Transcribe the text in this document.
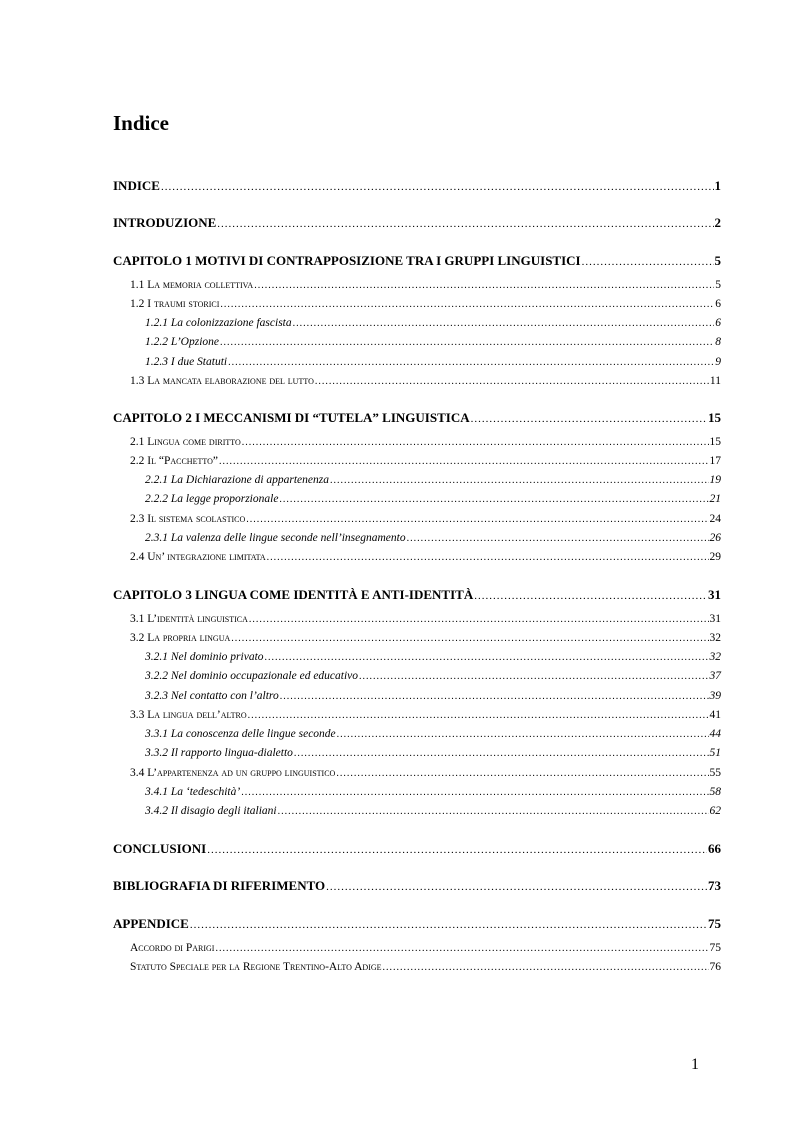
Indice
INDICE .....	1
INTRODUZIONE .....	2
CAPITOLO 1 MOTIVI DI CONTRAPPOSIZIONE TRA I GRUPPI LINGUISTICI .....	5
1.1 La memoria collettiva .....	5
1.2 I traumi storici .....	6
1.2.1 La colonizzazione fascista .....	6
1.2.2 L’Opzione .....	8
1.2.3 I due Statuti .....	9
1.3 La mancata elaborazione del lutto .....	11
CAPITOLO 2 I MECCANISMI DI “TUTELA” LINGUISTICA .....	15
2.1 Lingua come diritto .....	15
2.2 Il “Pacchetto” .....	17
2.2.1 La Dichiarazione di appartenenza .....	19
2.2.2 La legge proporzionale .....	21
2.3 Il sistema scolastico .....	24
2.3.1 La valenza delle lingue seconde nell’insegnamento .....	26
2.4 Un’ integrazione limitata .....	29
CAPITOLO 3 LINGUA COME IDENTITÀ E ANTI-IDENTITÀ .....	31
3.1 L’identità linguistica .....	31
3.2 La propria lingua .....	32
3.2.1 Nel dominio privato .....	32
3.2.2 Nel dominio occupazionale ed educativo .....	37
3.2.3 Nel contatto con l’altro .....	39
3.3 La lingua dell’altro .....	41
3.3.1 La conoscenza delle lingue seconde .....	44
3.3.2 Il rapporto lingua-dialetto .....	51
3.4 L’appartenenza ad un gruppo linguistico .....	55
3.4.1 La ‘tedeschità’ .....	58
3.4.2 Il disagio degli italiani .....	62
CONCLUSIONI .....	66
BIBLIOGRAFIA DI RIFERIMENTO .....	73
APPENDICE .....	75
Accordo di Parigi .....	75
Statuto Speciale per la Regione Trentino-Alto Adige .....	76
1
